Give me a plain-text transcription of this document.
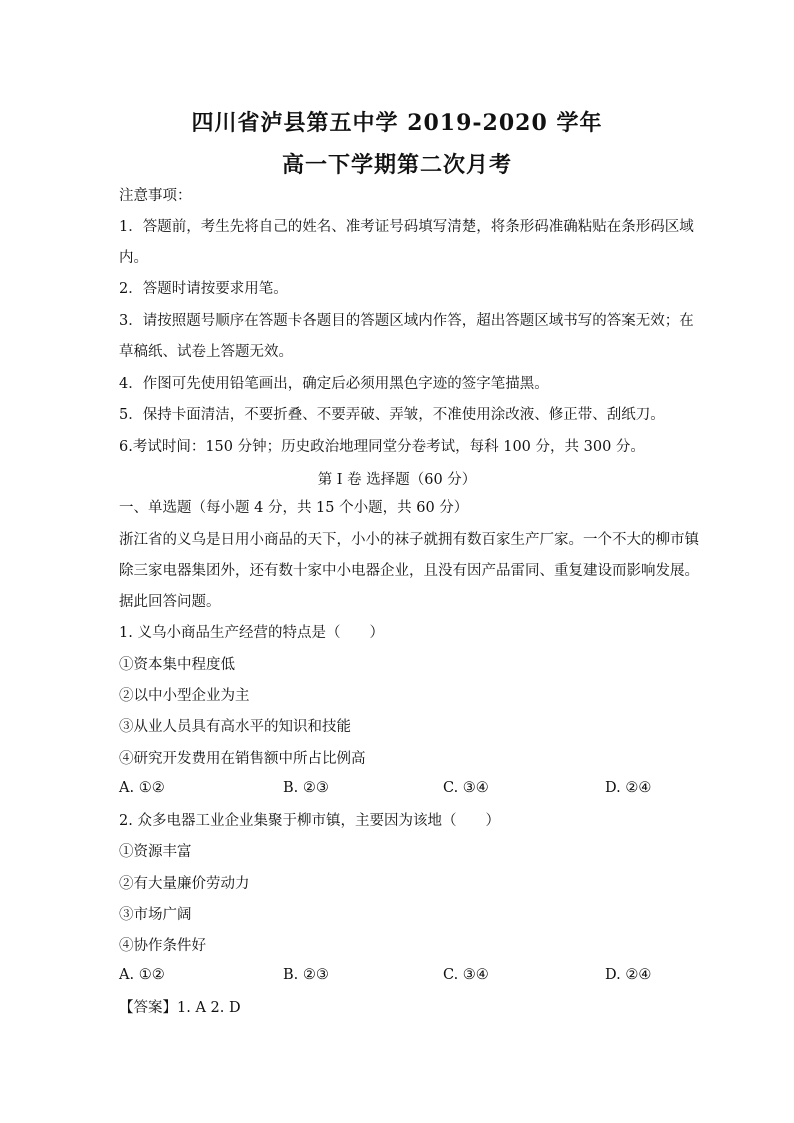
四川省泸县第五中学 2019-2020 学年
高一下学期第二次月考
注意事项：
1．答题前，考生先将自己的姓名、准考证号码填写清楚，将条形码准确粘贴在条形码区域
内。
2．答题时请按要求用笔。
3．请按照题号顺序在答题卡各题目的答题区域内作答，超出答题区域书写的答案无效；在
草稿纸、试卷上答题无效。
4．作图可先使用铅笔画出，确定后必须用黑色字迹的签字笔描黑。
5．保持卡面清洁，不要折叠、不要弄破、弄皱，不准使用涂改液、修正带、刮纸刀。
6.考试时间：150 分钟；历史政治地理同堂分卷考试，每科 100 分，共 300 分。
第 I 卷 选择题（60 分）
一、单选题（每小题 4 分，共 15 个小题，共 60 分）
浙江省的义乌是日用小商品的天下，小小的袜子就拥有数百家生产厂家。一个不大的柳市镇
除三家电器集团外，还有数十家中小电器企业，且没有因产品雷同、重复建设而影响发展。
据此回答问题。
1. 义乌小商品生产经营的特点是（　　）
①资本集中程度低
②以中小型企业为主
③从业人员具有高水平的知识和技能
④研究开发费用在销售额中所占比例高
A. ①②	B. ②③	C. ③④	D. ②④
2. 众多电器工业企业集聚于柳市镇，主要因为该地（　　）
①资源丰富
②有大量廉价劳动力
③市场广阔
④协作条件好
A. ①②	B. ②③	C. ③④	D. ②④
【答案】1. A 2. D
